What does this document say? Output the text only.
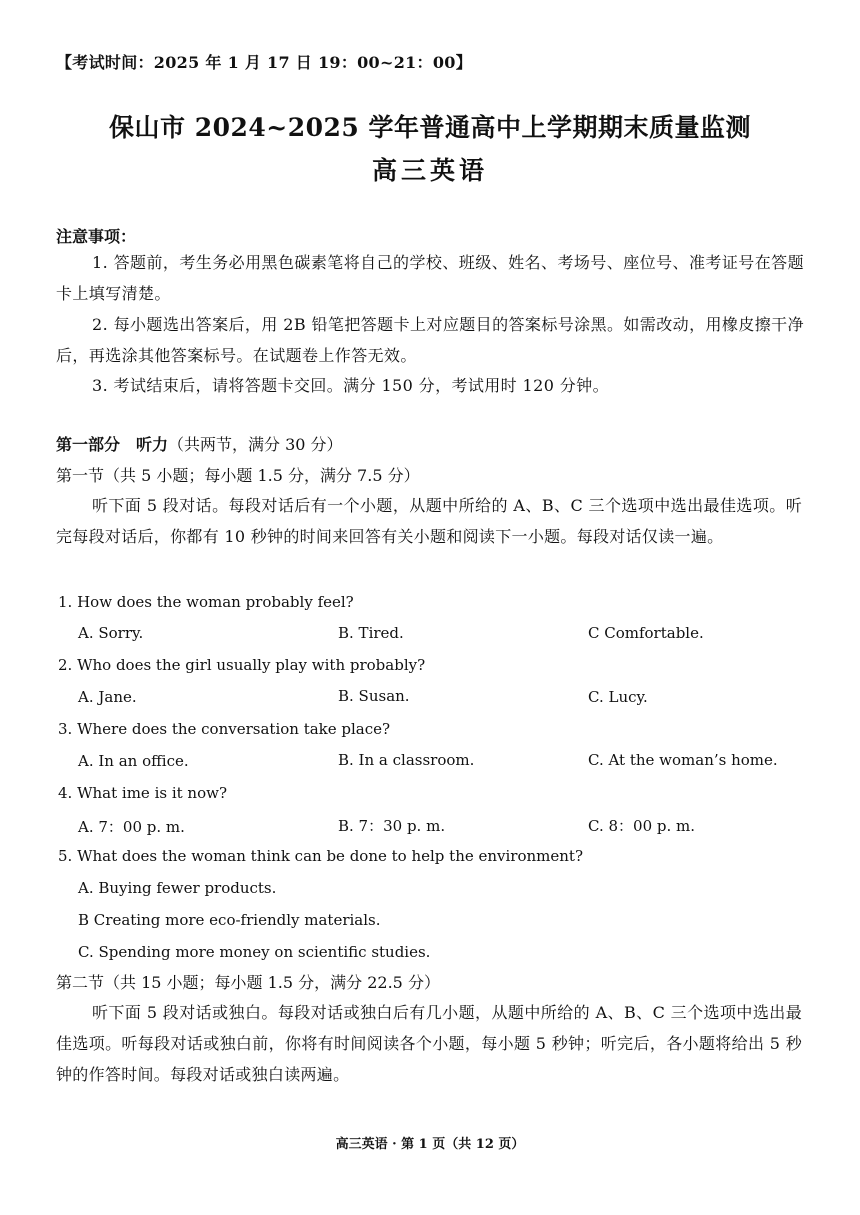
【考试时间：2025 年 1 月 17 日 19：00~21：00】
保山市 2024~2025 学年普通高中上学期期末质量监测
高三英语
注意事项：
1. 答题前，考生务必用黑色碳素笔将自己的学校、班级、姓名、考场号、座位号、准考证号在答题卡上填写清楚。
2. 每小题选出答案后，用 2B 铅笔把答题卡上对应题目的答案标号涂黑。如需改动，用橡皮擦干净后，再选涂其他答案标号。在试题卷上作答无效。
3. 考试结束后，请将答题卡交回。满分 150 分，考试用时 120 分钟。
第一部分　听力（共两节，满分 30 分）
第一节（共 5 小题；每小题 1.5 分，满分 7.5 分）
听下面 5 段对话。每段对话后有一个小题，从题中所给的 A、B、C 三个选项中选出最佳选项。听完每段对话后，你都有 10 秒钟的时间来回答有关小题和阅读下一小题。每段对话仅读一遍。
1. How does the woman probably feel?
A. Sorry.	B. Tired.	C Comfortable.
2. Who does the girl usually play with probably?
A. Jane.	B. Susan.	C. Lucy.
3. Where does the conversation take place?
A. In an office.	B. In a classroom.	C. At the woman’s home.
4. What ime is it now?
A. 7：00 p. m.	B. 7：30 p. m.	C. 8：00 p. m.
5. What does the woman think can be done to help the environment?
A. Buying fewer products.
B Creating more eco-friendly materials.
C. Spending more money on scientific studies.
第二节（共 15 小题；每小题 1.5 分，满分 22.5 分）
听下面 5 段对话或独白。每段对话或独白后有几小题，从题中所给的 A、B、C 三个选项中选出最佳选项。听每段对话或独白前，你将有时间阅读各个小题，每小题 5 秒钟；听完后，各小题将给出 5 秒钟的作答时间。每段对话或独白读两遍。
高三英语 · 第 1 页（共 12 页）
